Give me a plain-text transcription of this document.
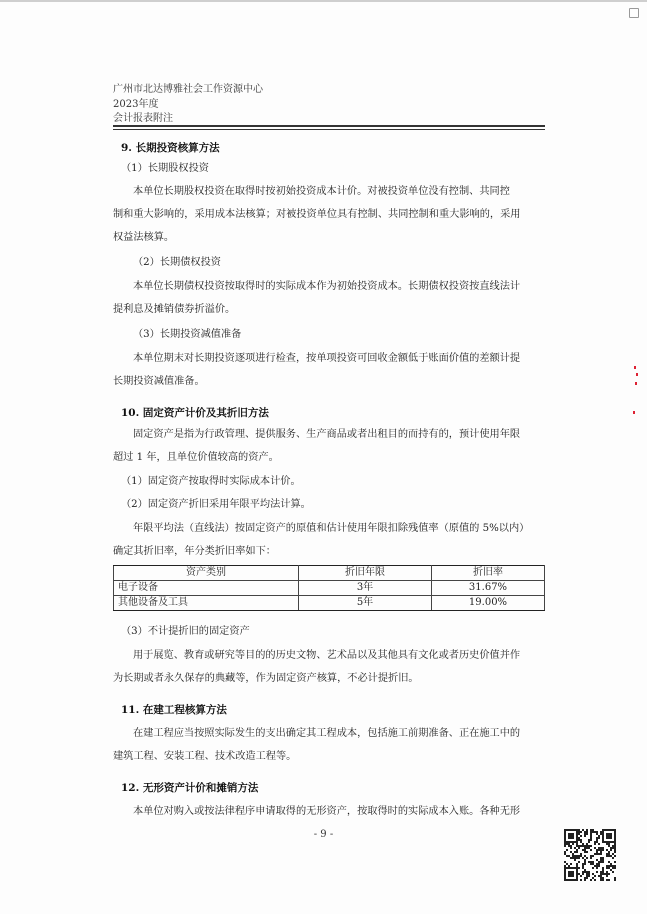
广州市北达博雅社会工作资源中心
2023年度
会计报表附注
9. 长期投资核算方法
（1）长期股权投资
本单位长期股权投资在取得时按初始投资成本计价。对被投资单位没有控制、共同控
制和重大影响的，采用成本法核算；对被投资单位具有控制、共同控制和重大影响的，采用
权益法核算。
（2）长期债权投资
本单位长期债权投资按取得时的实际成本作为初始投资成本。长期债权投资按直线法计
提利息及摊销债券折溢价。
（3）长期投资减值准备
本单位期末对长期投资逐项进行检查，按单项投资可回收金额低于账面价值的差额计提
长期投资减值准备。
10. 固定资产计价及其折旧方法
固定资产是指为行政管理、提供服务、生产商品或者出租目的而持有的，预计使用年限
超过 1 年，且单位价值较高的资产。
（1）固定资产按取得时实际成本计价。
（2）固定资产折旧采用年限平均法计算。
年限平均法（直线法）按固定资产的原值和估计使用年限扣除残值率（原值的 5%以内）
确定其折旧率，年分类折旧率如下：
资产类别	折旧年限	折旧率
电子设备	3年	31.67%
其他设备及工具	5年	19.00%
（3）不计提折旧的固定资产
用于展览、教育或研究等目的的历史文物、艺术品以及其他具有文化或者历史价值并作
为长期或者永久保存的典藏等，作为固定资产核算，不必计提折旧。
11. 在建工程核算方法
在建工程应当按照实际发生的支出确定其工程成本，包括施工前期准备、正在施工中的
建筑工程、安装工程、技术改造工程等。
12. 无形资产计价和摊销方法
本单位对购入或按法律程序申请取得的无形资产，按取得时的实际成本入账。各种无形
- 9 -
